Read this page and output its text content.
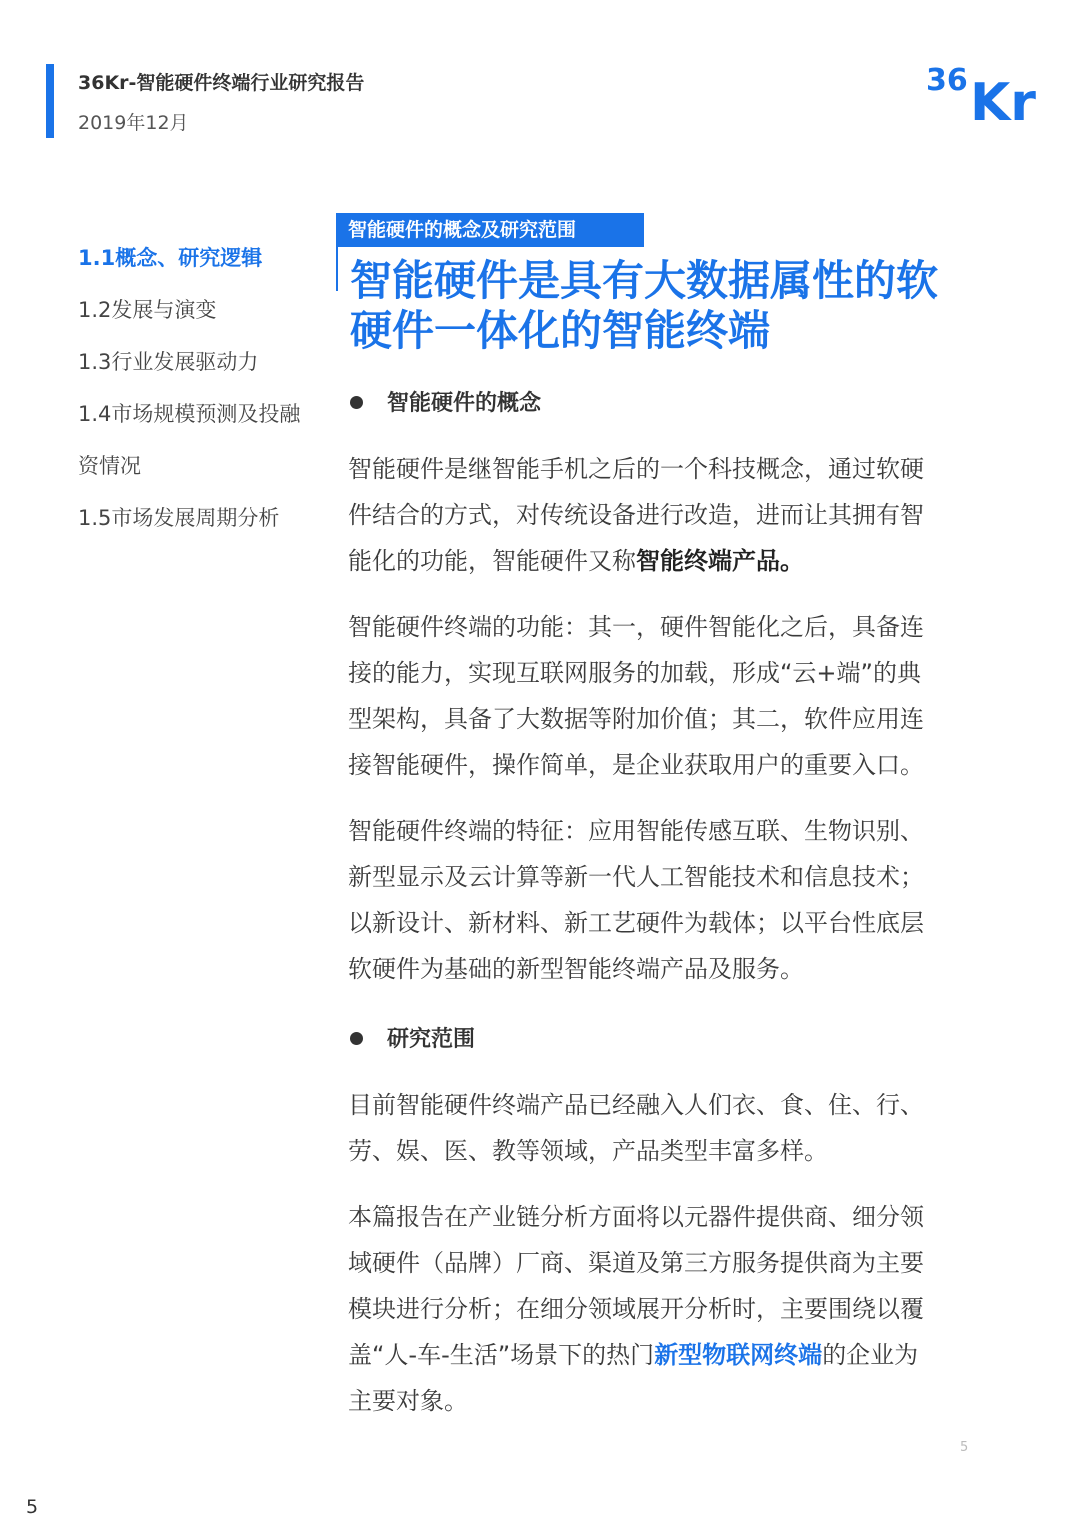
36Kr-智能硬件终端行业研究报告
2019年12月
36 Kr
1.1概念、研究逻辑
1.2发展与演变
1.3行业发展驱动力
1.4市场规模预测及投融
资情况
1.5市场发展周期分析
智能硬件的概念及研究范围
智能硬件是具有大数据属性的软
硬件一体化的智能终端
智能硬件的概念
智能硬件是继智能手机之后的一个科技概念，通过软硬
件结合的方式，对传统设备进行改造，进而让其拥有智
能化的功能，智能硬件又称智能终端产品。
智能硬件终端的功能：其一，硬件智能化之后，具备连
接的能力，实现互联网服务的加载，形成“云+端”的典
型架构，具备了大数据等附加价值；其二，软件应用连
接智能硬件，操作简单，是企业获取用户的重要入口。
智能硬件终端的特征：应用智能传感互联、生物识别、
新型显示及云计算等新一代人工智能技术和信息技术；
以新设计、新材料、新工艺硬件为载体；以平台性底层
软硬件为基础的新型智能终端产品及服务。
研究范围
目前智能硬件终端产品已经融入人们衣、食、住、行、
劳、娱、医、教等领域，产品类型丰富多样。
本篇报告在产业链分析方面将以元器件提供商、细分领
域硬件（品牌）厂商、渠道及第三方服务提供商为主要
模块进行分析；在细分领域展开分析时，主要围绕以覆
盖“人-车-生活”场景下的热门新型物联网终端的企业为
主要对象。
5
5
